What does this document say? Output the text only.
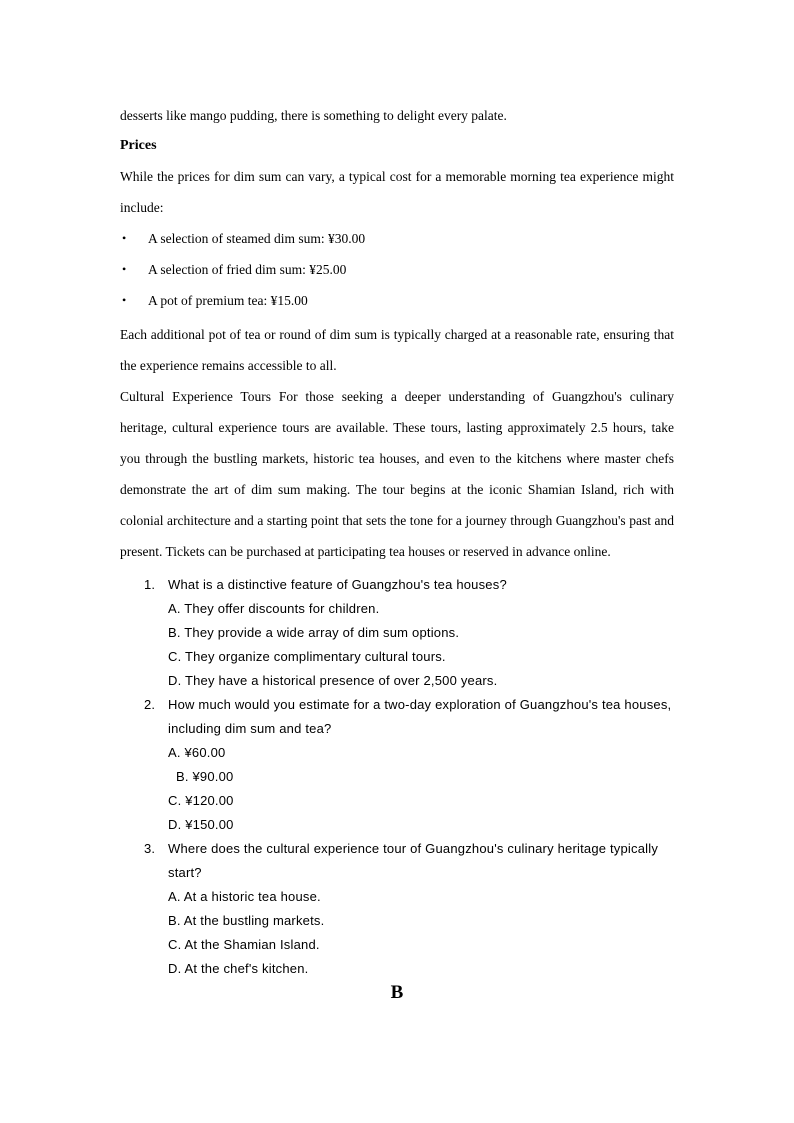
desserts like mango pudding, there is something to delight every palate.

Prices

While the prices for dim sum can vary, a typical cost for a memorable morning tea experience might include:

• A selection of steamed dim sum: ¥30.00
• A selection of fried dim sum: ¥25.00
• A pot of premium tea: ¥15.00

Each additional pot of tea or round of dim sum is typically charged at a reasonable rate, ensuring that the experience remains accessible to all.

Cultural Experience Tours For those seeking a deeper understanding of Guangzhou's culinary heritage, cultural experience tours are available. These tours, lasting approximately 2.5 hours, take you through the bustling markets, historic tea houses, and even to the kitchens where master chefs demonstrate the art of dim sum making. The tour begins at the iconic Shamian Island, rich with colonial architecture and a starting point that sets the tone for a journey through Guangzhou's past and present. Tickets can be purchased at participating tea houses or reserved in advance online.

1. What is a distinctive feature of Guangzhou's tea houses?
A. They offer discounts for children.
B. They provide a wide array of dim sum options.
C. They organize complimentary cultural tours.
D. They have a historical presence of over 2,500 years.
2. How much would you estimate for a two-day exploration of Guangzhou's tea houses, including dim sum and tea?
A. ¥60.00
B. ¥90.00
C. ¥120.00
D. ¥150.00
3. Where does the cultural experience tour of Guangzhou's culinary heritage typically start?
A. At a historic tea house.
B. At the bustling markets.
C. At the Shamian Island.
D. At the chef's kitchen.
B
